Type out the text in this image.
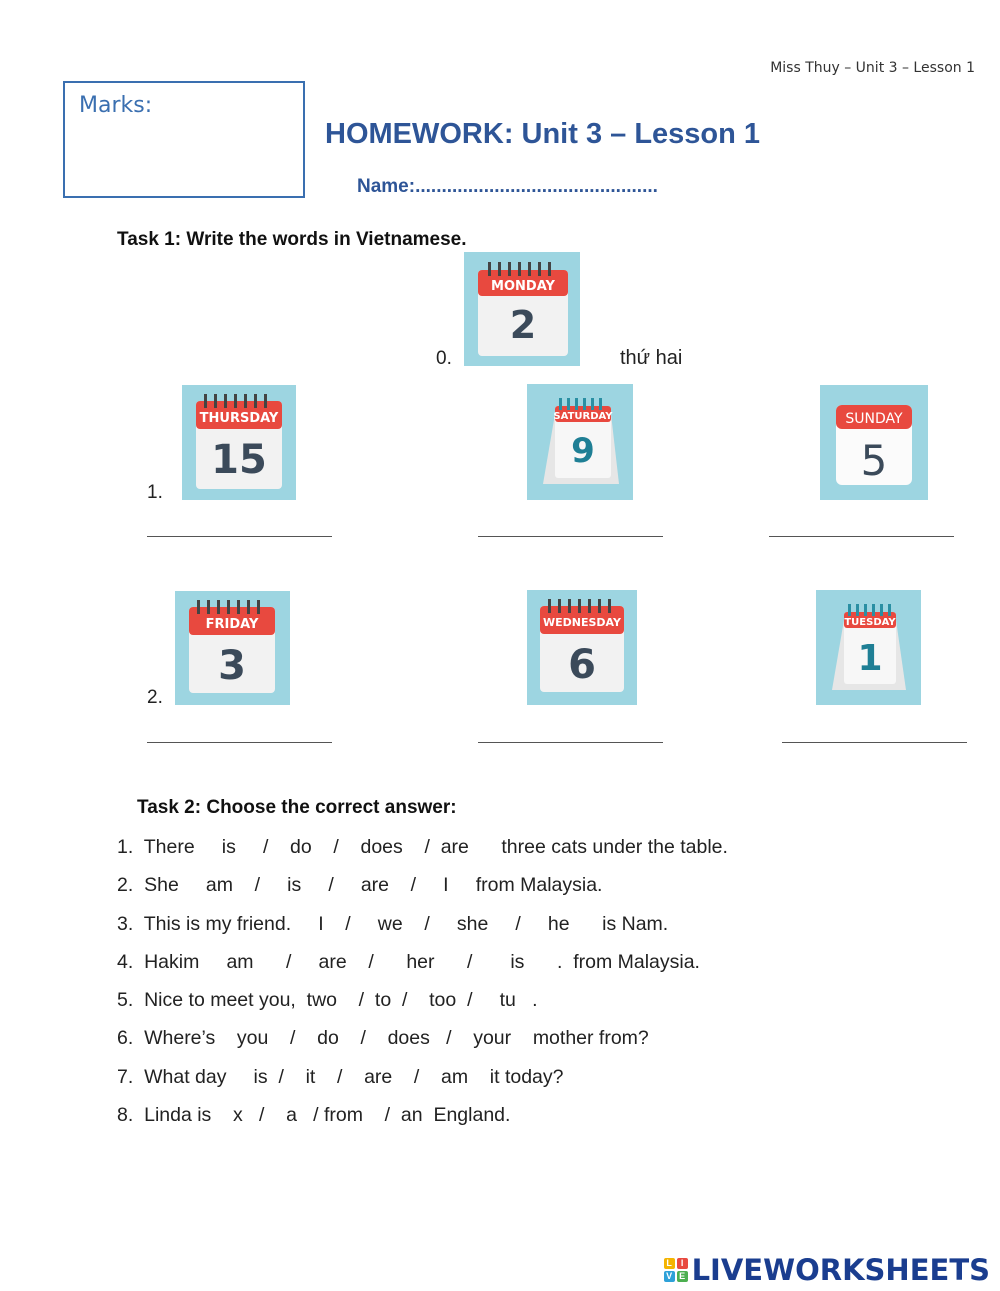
Miss Thuy – Unit 3 – Lesson 1
Marks:
HOMEWORK: Unit 3 – Lesson 1
Name:..............................................
Task 1: Write the words in Vietnamese.
0.
MONDAY
2
thứ hai
1.
THURSDAY
15
SATURDAY
9
SUNDAY
5
2.
FRIDAY
3
WEDNESDAY
6
TUESDAY
1
Task 2: Choose the correct answer:
1.  There     is     /    do    /    does    /  are      three cats under the table.
2.  She     am    /     is     /     are    /     I     from Malaysia.
3.  This is my friend.     I    /     we    /     she     /     he      is Nam.
4.  Hakim     am      /     are    /      her      /       is      .  from Malaysia.
5.  Nice to meet you,  two    /  to  /    too  /     tu   .
6.  Where’s    you    /    do    /    does   /    your    mother from?
7.  What day     is  /    it    /    are    /    am    it today?
8.  Linda is    x   /    a   / from    /  an  England.
L I
V E LIVEWORKSHEETS
